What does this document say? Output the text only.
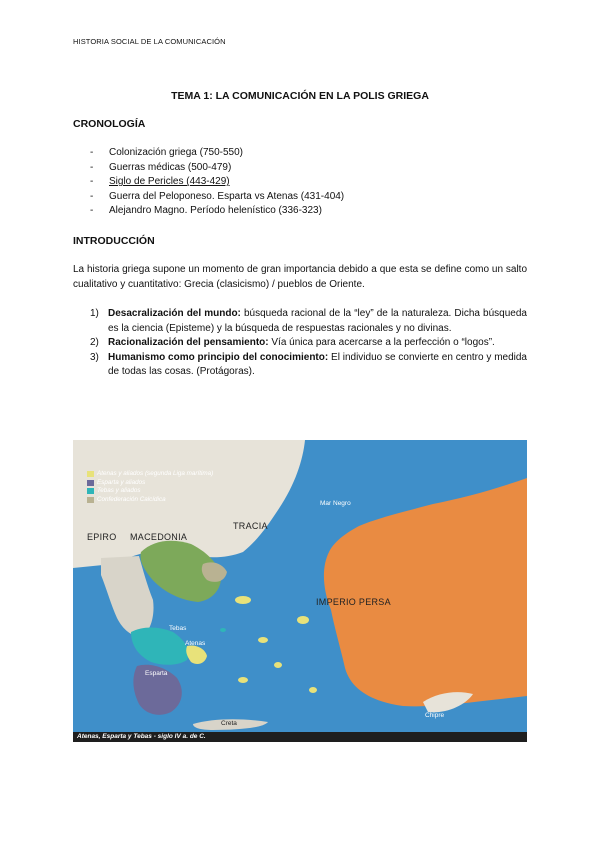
HISTORIA SOCIAL DE LA COMUNICACIÓN
TEMA 1: LA COMUNICACIÓN EN LA POLIS GRIEGA
CRONOLOGÍA
- Colonización griega (750-550)
- Guerras médicas (500-479)
- Siglo de Pericles (443-429)
- Guerra del Peloponeso. Esparta vs Atenas (431-404)
- Alejandro Magno. Período helenístico (336-323)
INTRODUCCIÓN
La historia griega supone un momento de gran importancia debido a que esta se define como un salto cualitativo y cuantitativo: Grecia (clasicismo) / pueblos de Oriente.
1) Desacralización del mundo: búsqueda racional de la “ley” de la naturaleza. Dicha búsqueda es la ciencia (Episteme) y la búsqueda de respuestas racionales y no divinas.
2) Racionalización del pensamiento: Vía única para acercarse a la perfección o “logos”.
3) Humanismo como principio del conocimiento: El individuo se convierte en centro y medida de todas las cosas. (Protágoras).
Atenas y aliados (segunda Liga marítima)
Esparta y aliados
Tebas y aliados
Confederación Calcídica
TRACIA
EPIRO MACEDONIA
IMPERIO PERSA
Mar Negro
Tebas
Atenas
Esparta
Creta
Chipre
Atenas, Esparta y Tebas - siglo IV a. de C.
